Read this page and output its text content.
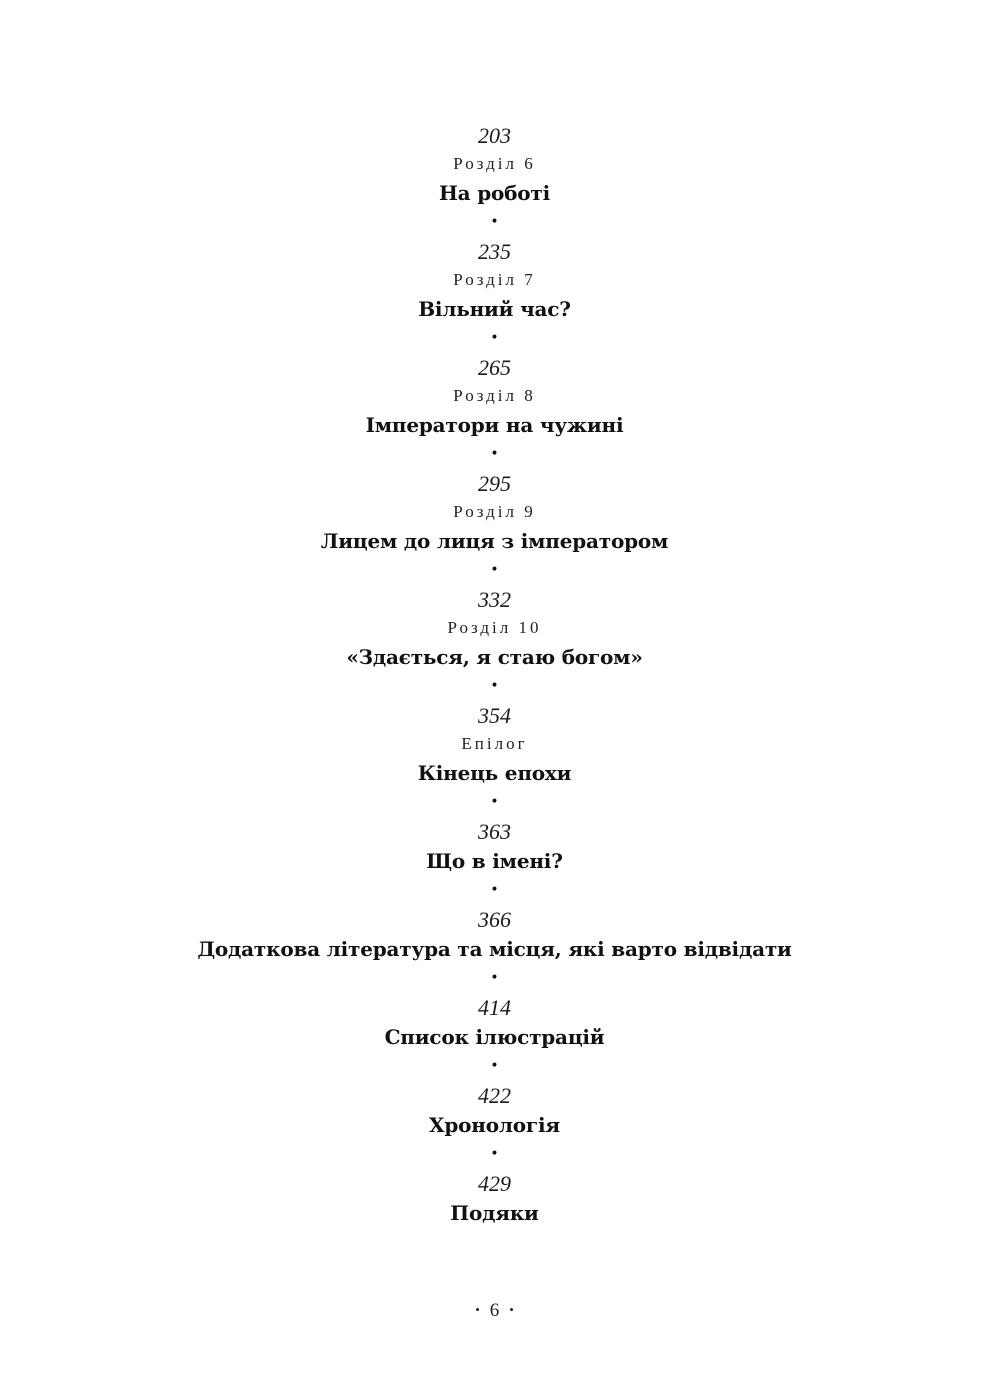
203
Розділ 6
На роботі
•
235
Розділ 7
Вільний час?
•
265
Розділ 8
Імператори на чужині
•
295
Розділ 9
Лицем до лиця з імператором
•
332
Розділ 10
«Здається, я стаю богом»
•
354
Епілог
Кінець епохи
•
363
Що в імені?
•
366
Додаткова література та місця, які варто відвідати
•
414
Список ілюстрацій
•
422
Хронологія
•
429
Подяки
• 6 •
